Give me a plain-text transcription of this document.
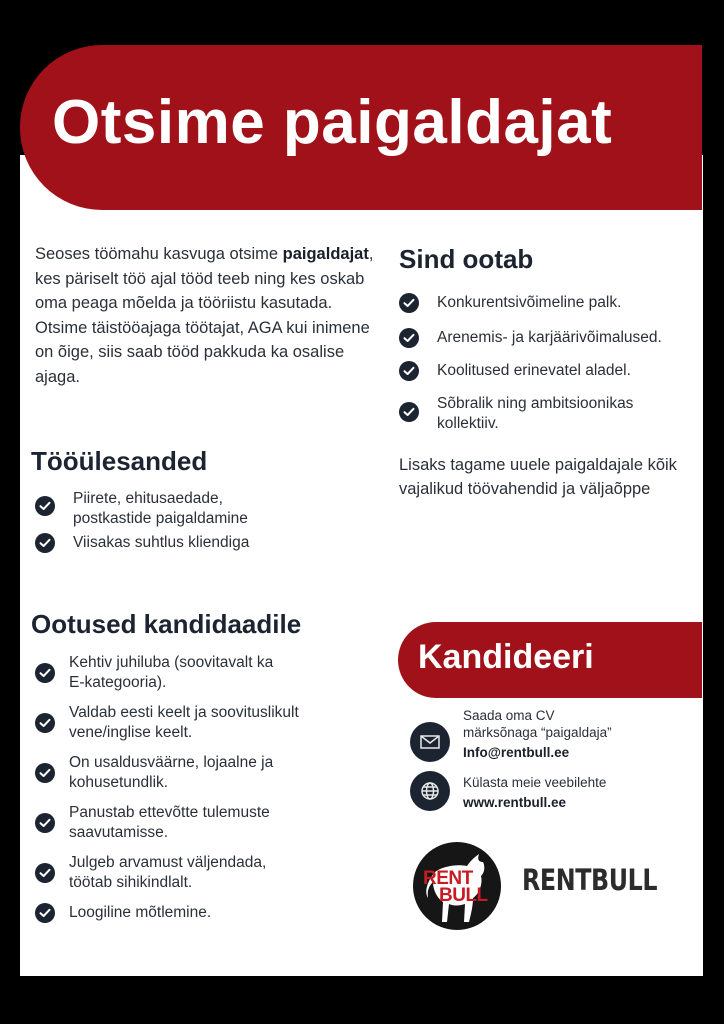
Otsime paigaldajat
Seoses töömahu kasvuga otsime paigaldajat, kes päriselt töö ajal tööd teeb ning kes oskab oma peaga mõelda ja tööriistu kasutada. Otsime täistööajaga töötajat, AGA kui inimene on õige, siis saab tööd pakkuda ka osalise ajaga.
Tööülesanded
Piirete, ehitusaedade,
postkastide paigaldamine
Viisakas suhtlus kliendiga
Ootused kandidaadile
Kehtiv juhiluba (soovitavalt ka
E-kategooria).
Valdab eesti keelt ja soovituslikult
vene/inglise keelt.
On usaldusväärne, lojaalne ja
kohusetundlik.
Panustab ettevõtte tulemuste
saavutamisse.
Julgeb arvamust väljendada,
töötab sihikindlalt.
Loogiline mõtlemine.
Sind ootab
Konkurentsivõimeline palk.
Arenemis- ja karjäärivõimalused.
Koolitused erinevatel aladel.
Sõbralik ning ambitsioonikas
kollektiiv.
Lisaks tagame uuele paigaldajale kõik vajalikud töövahendid ja väljaõppe
Kandideeri
Saada oma CV
märksõnaga “paigaldaja”
Info@rentbull.ee
Külasta meie veebilehte
www.rentbull.ee
RENT
BULL RENTBULL
